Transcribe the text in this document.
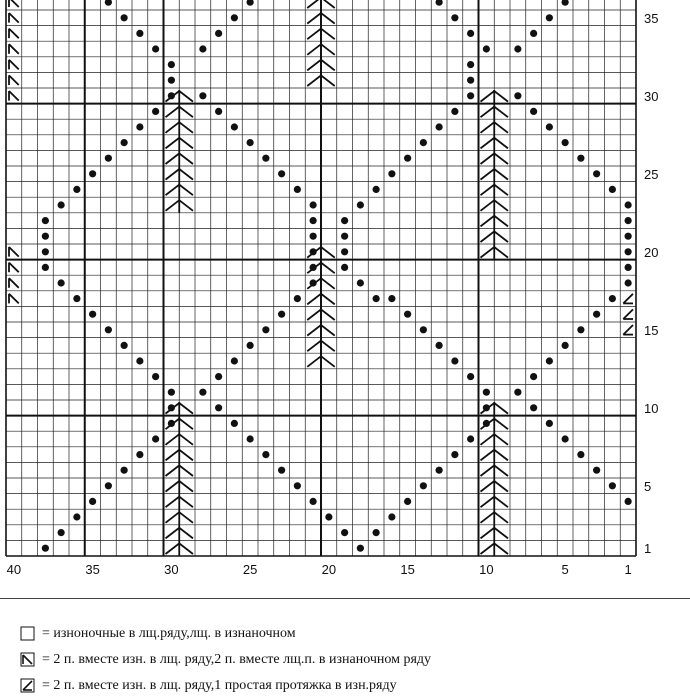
40	35	30	25	20	15	10	5	1
35
30
25
20
15
10
5
1
= изноночные в лщ.ряду,лщ. в изнаночном
= 2 п. вместе изн. в лщ. ряду,2 п. вместе лщ.п. в изнаночном ряду
= 2 п. вместе изн. в лщ. ряду,1 простая протяжка в изн.ряду
